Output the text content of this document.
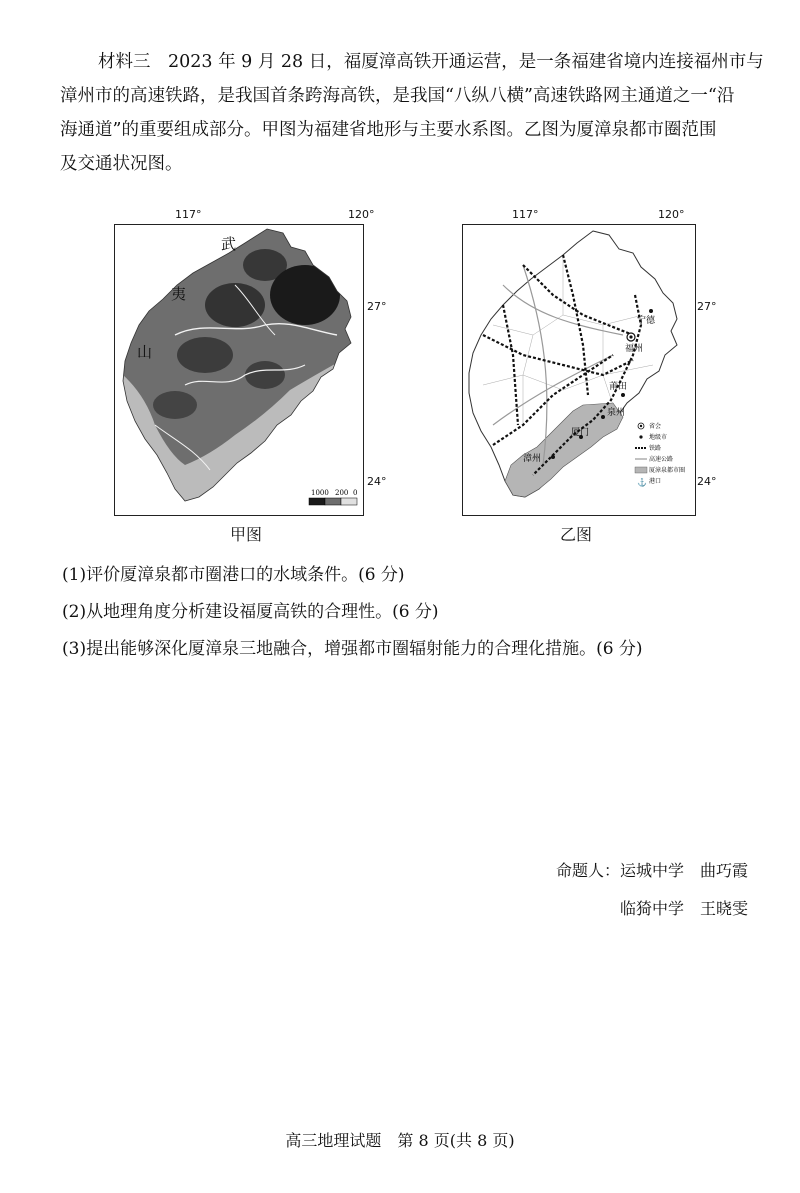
材料三　2023 年 9 月 28 日，福厦漳高铁开通运营，是一条福建省境内连接福州市与
漳州市的高速铁路，是我国首条跨海高铁，是我国“八纵八横”高速铁路网主通道之一“沿
海通道”的重要组成部分。甲图为福建省地形与主要水系图。乙图为厦漳泉都市圈范围
及交通状况图。
117°	120°
27°
24°
武
夷
山
1000 200 0
甲图
117°	120°
27°
24°
宁德
福州
莆田
泉州
厦门
漳州
省会
地级市
铁路
高速公路
厦漳泉都市圈
⚓ 港口
乙图
(1)评价厦漳泉都市圈港口的水域条件。(6 分)
(2)从地理角度分析建设福厦高铁的合理性。(6 分)
(3)提出能够深化厦漳泉三地融合，增强都市圈辐射能力的合理化措施。(6 分)
命题人：运城中学　曲巧霞
临猗中学　王晓雯
高三地理试题　第 8 页(共 8 页)
